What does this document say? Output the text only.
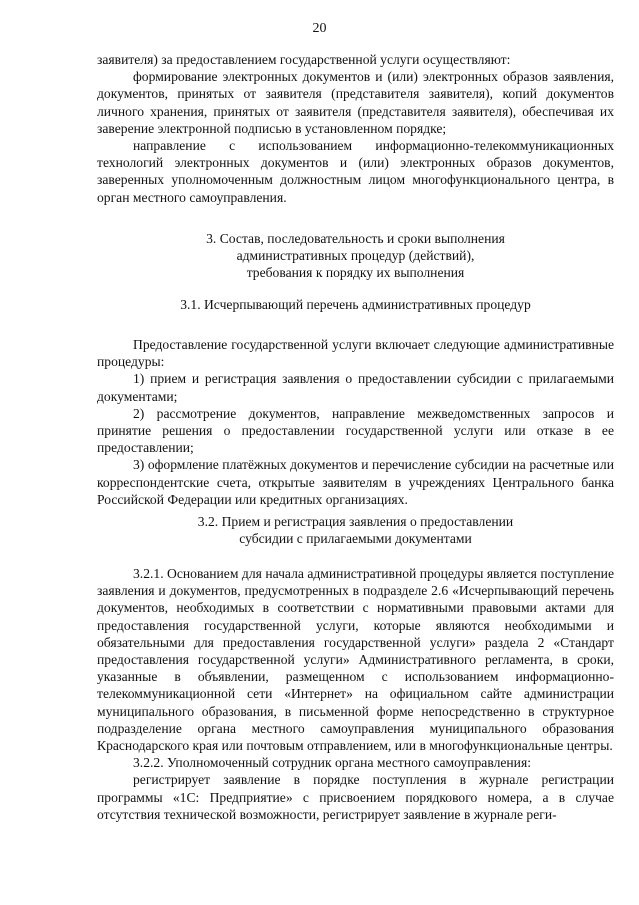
20

заявителя) за предоставлением государственной услуги осуществляют:

формирование электронных документов и (или) электронных образов заявления, документов, принятых от заявителя (представителя заявителя), копий документов личного хранения, принятых от заявителя (представителя заявителя), обеспечивая их заверение электронной подписью в установленном порядке;

направление с использованием информационно-телекоммуникационных технологий электронных документов и (или) электронных образов документов, заверенных уполномоченным должностным лицом многофункционального центра, в орган местного самоуправления.

3. Состав, последовательность и сроки выполнения

административных процедур (действий),

требования к порядку их выполнения

3.1. Исчерпывающий перечень административных процедур

Предоставление государственной услуги включает следующие административные процедуры:

1) прием и регистрация заявления о предоставлении субсидии с прилагаемыми документами;

2) рассмотрение документов, направление межведомственных запросов и принятие решения о предоставлении государственной услуги или отказе в ее предоставлении;

3) оформление платёжных документов и перечисление субсидии на расчетные или корреспондентские счета, открытые заявителям в учреждениях Центрального банка Российской Федерации или кредитных организациях.

3.2. Прием и регистрация заявления о предоставлении

субсидии с прилагаемыми документами

3.2.1. Основанием для начала административной процедуры является поступление заявления и документов, предусмотренных в подразделе 2.6 «Исчерпывающий перечень документов, необходимых в соответствии с нормативными правовыми актами для предоставления государственной услуги, которые являются необходимыми и обязательными для предоставления государственной услуги» раздела 2 «Стандарт предоставления государственной услуги» Административного регламента, в сроки, указанные в объявлении, размещенном с использованием информационно-телекоммуникационной сети «Интернет» на официальном сайте администрации муниципального образования, в письменной форме непосредственно в структурное подразделение органа местного самоуправления муниципального образования Краснодарского края или почтовым отправлением, или в многофункциональные центры.

3.2.2. Уполномоченный сотрудник органа местного самоуправления:

регистрирует заявление в порядке поступления в журнале регистрации программы «1С: Предприятие» с присвоением порядкового номера, а в случае отсутствия технической возможности, регистрирует заявление в журнале реги-
